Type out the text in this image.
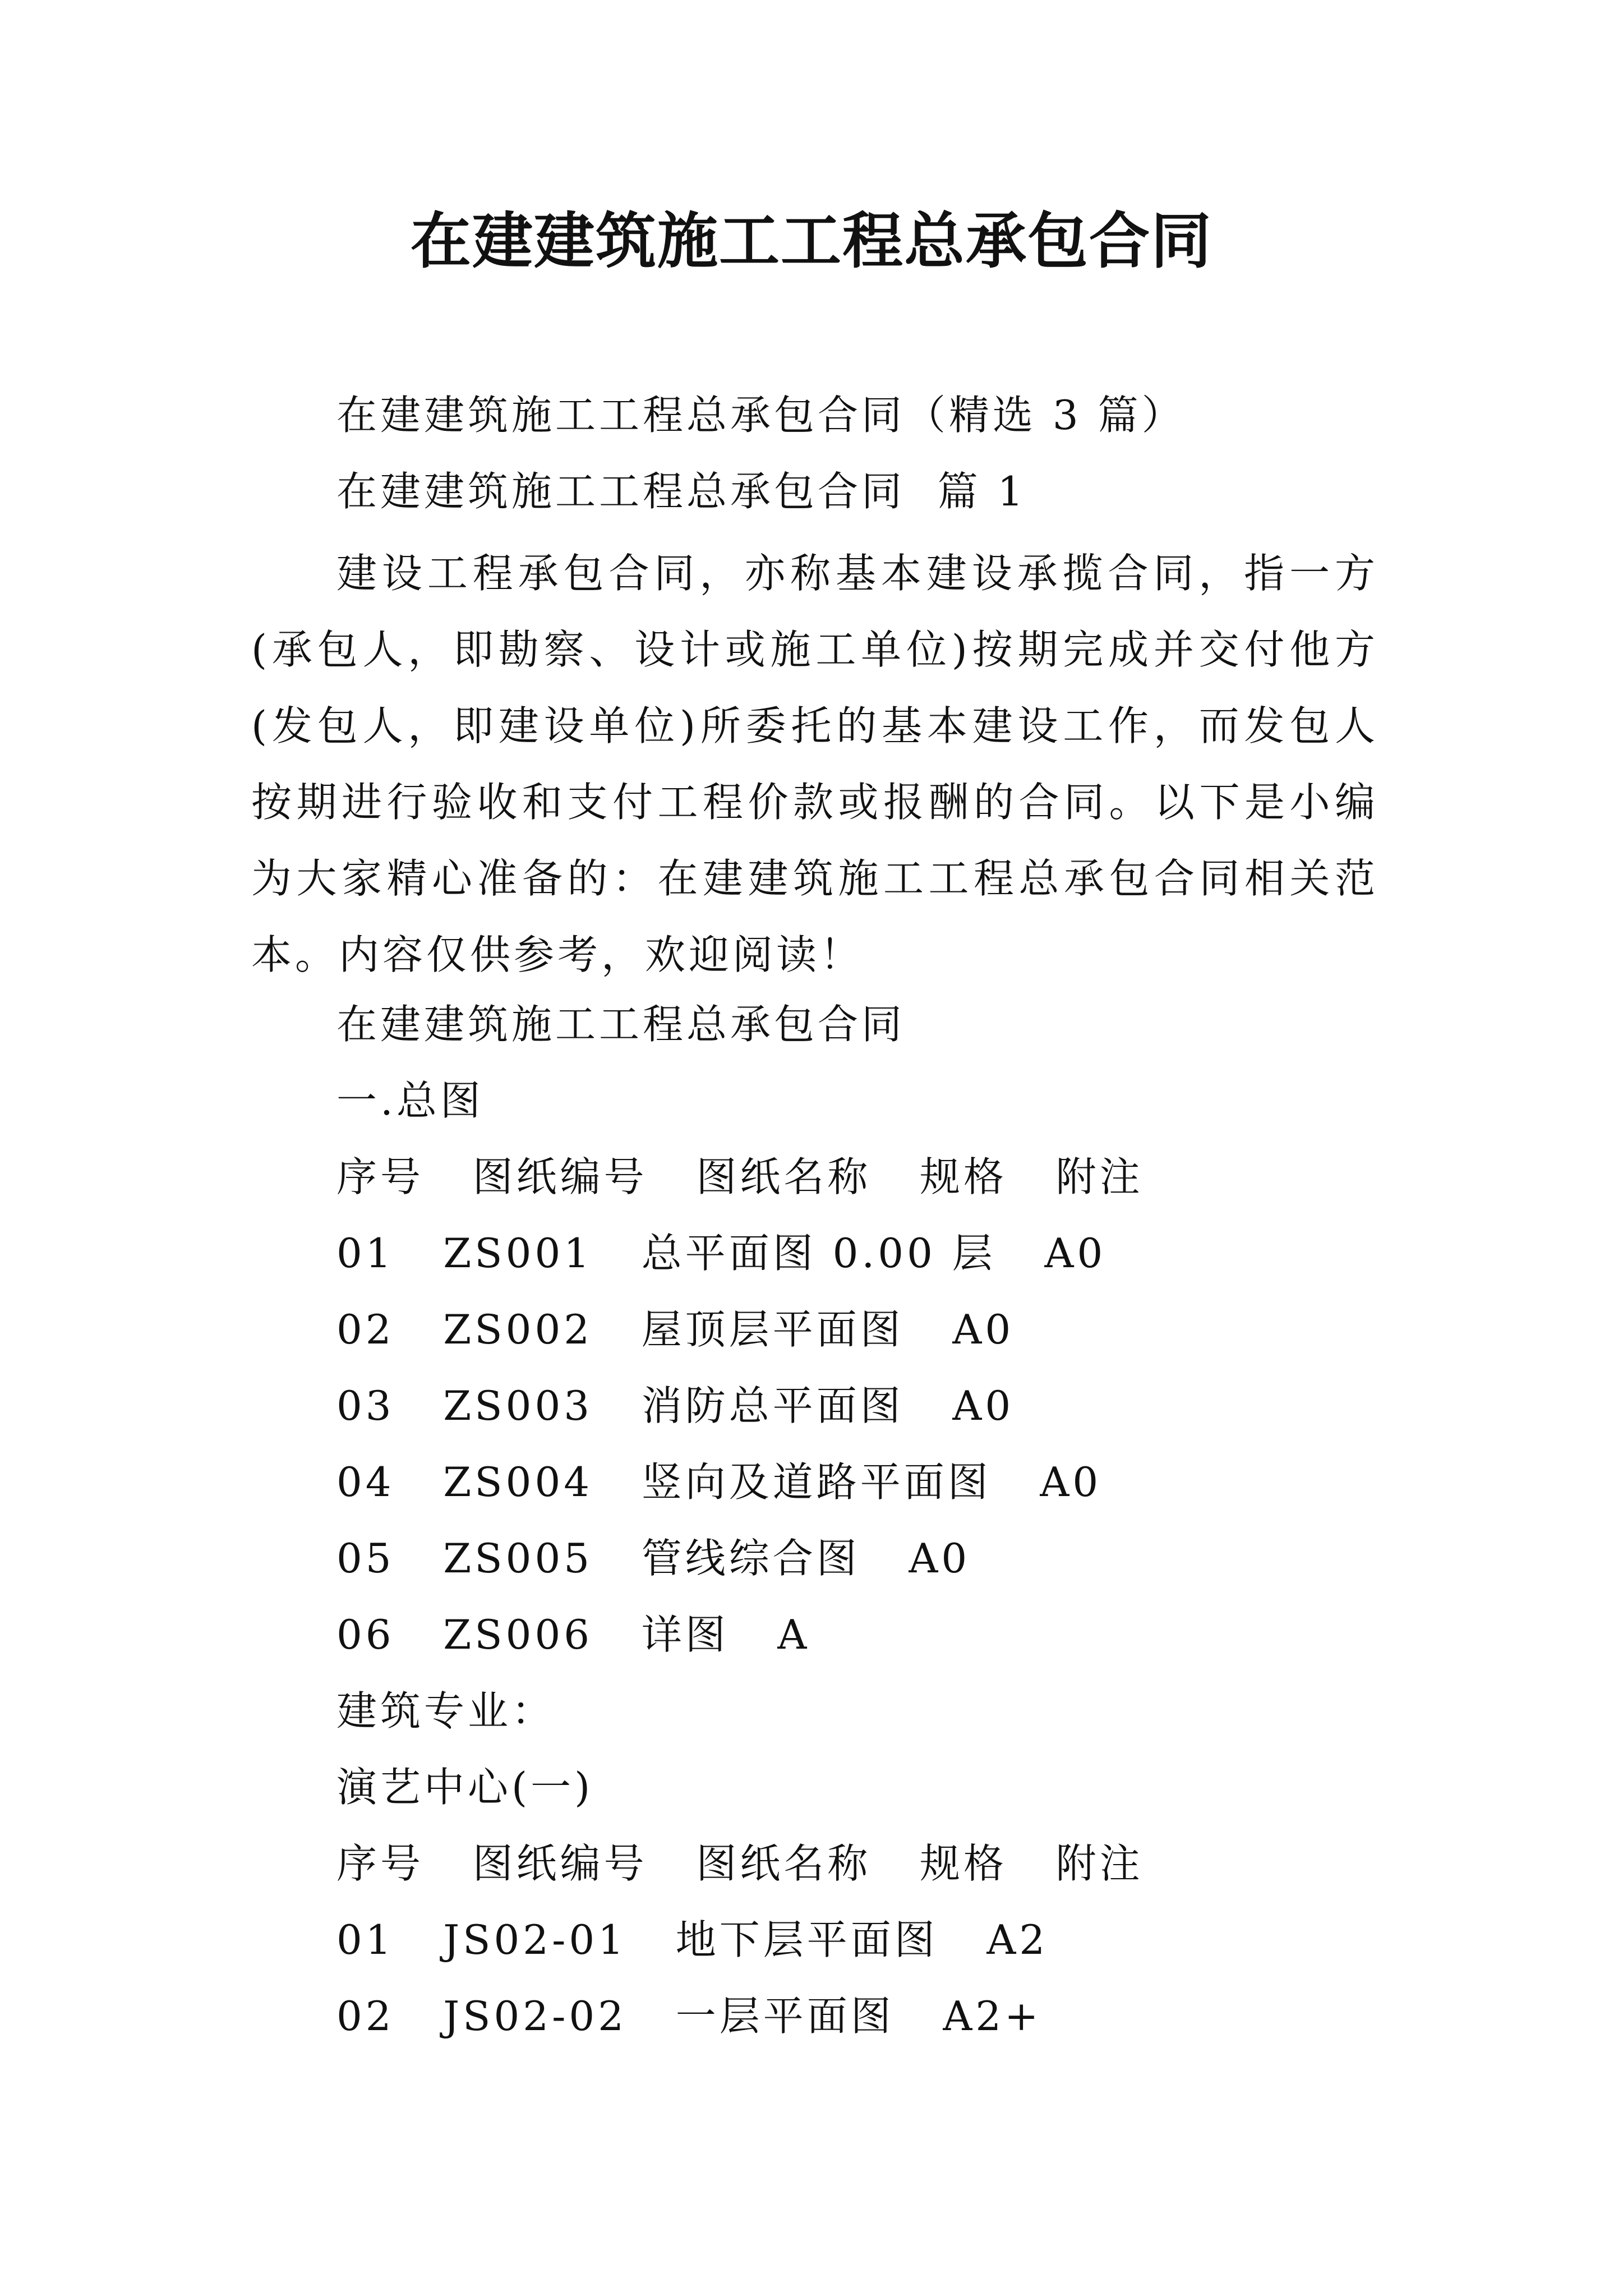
在建建筑施工工程总承包合同
在建建筑施工工程总承包合同（精选 3 篇）
在建建筑施工工程总承包合同  篇 1
建设工程承包合同，亦称基本建设承揽合同，指一方(承包人，即勘察、设计或施工单位)按期完成并交付他方(发包人，即建设单位)所委托的基本建设工作，而发包人按期进行验收和支付工程价款或报酬的合同。以下是小编为大家精心准备的：在建建筑施工工程总承包合同相关范本。内容仅供参考，欢迎阅读！
在建建筑施工工程总承包合同
一.总图
序号   图纸编号   图纸名称   规格   附注
01   ZS001   总平面图 0.00 层   A0
02   ZS002   屋顶层平面图   A0
03   ZS003   消防总平面图   A0
04   ZS004   竖向及道路平面图   A0
05   ZS005   管线综合图   A0
06   ZS006   详图   A
建筑专业：
演艺中心(一)
序号   图纸编号   图纸名称   规格   附注
01   JS02-01   地下层平面图   A2
02   JS02-02   一层平面图   A2+
